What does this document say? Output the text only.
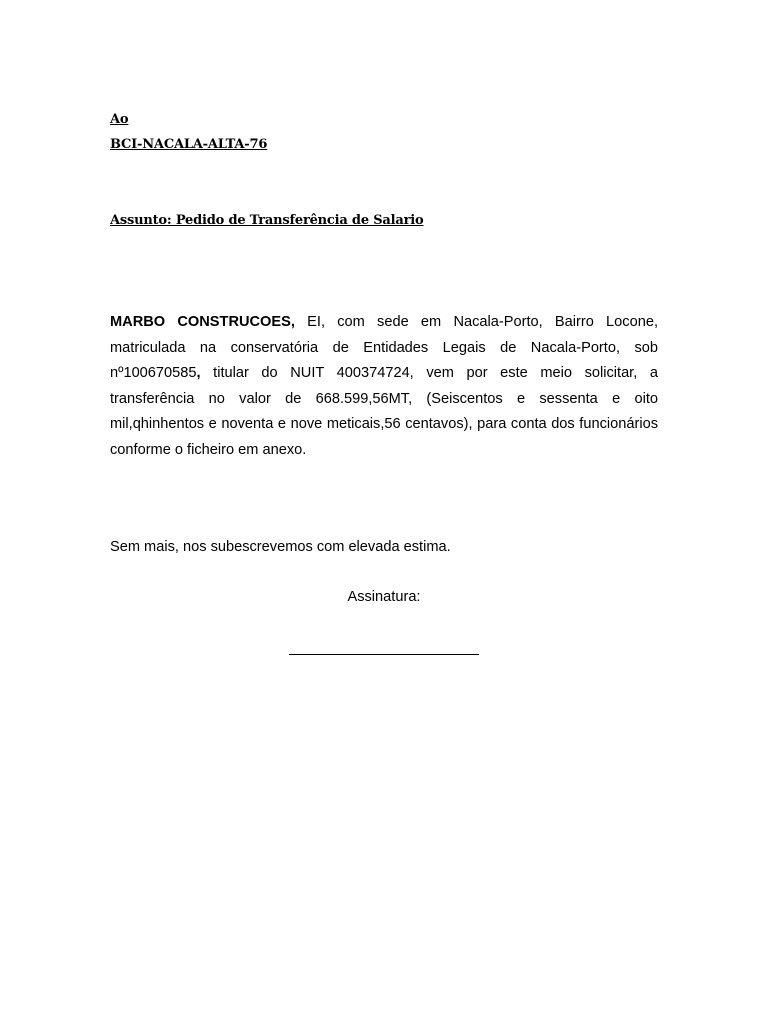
Ao
BCI-NACALA-ALTA-76
Assunto: Pedido de Transferência de Salario
MARBO CONSTRUCOES, EI, com sede em Nacala-Porto, Bairro Locone, matriculada na conservatória de Entidades Legais de Nacala-Porto, sob nº100670585, titular do NUIT 400374724, vem por este meio solicitar, a transferência no valor de 668.599,56MT, (Seiscentos e sessenta e oito mil,qhinhentos e noventa e nove meticais,56 centavos), para conta dos funcionários conforme o ficheiro em anexo.
Sem mais, nos subescrevemos com elevada estima.
Assinatura:
